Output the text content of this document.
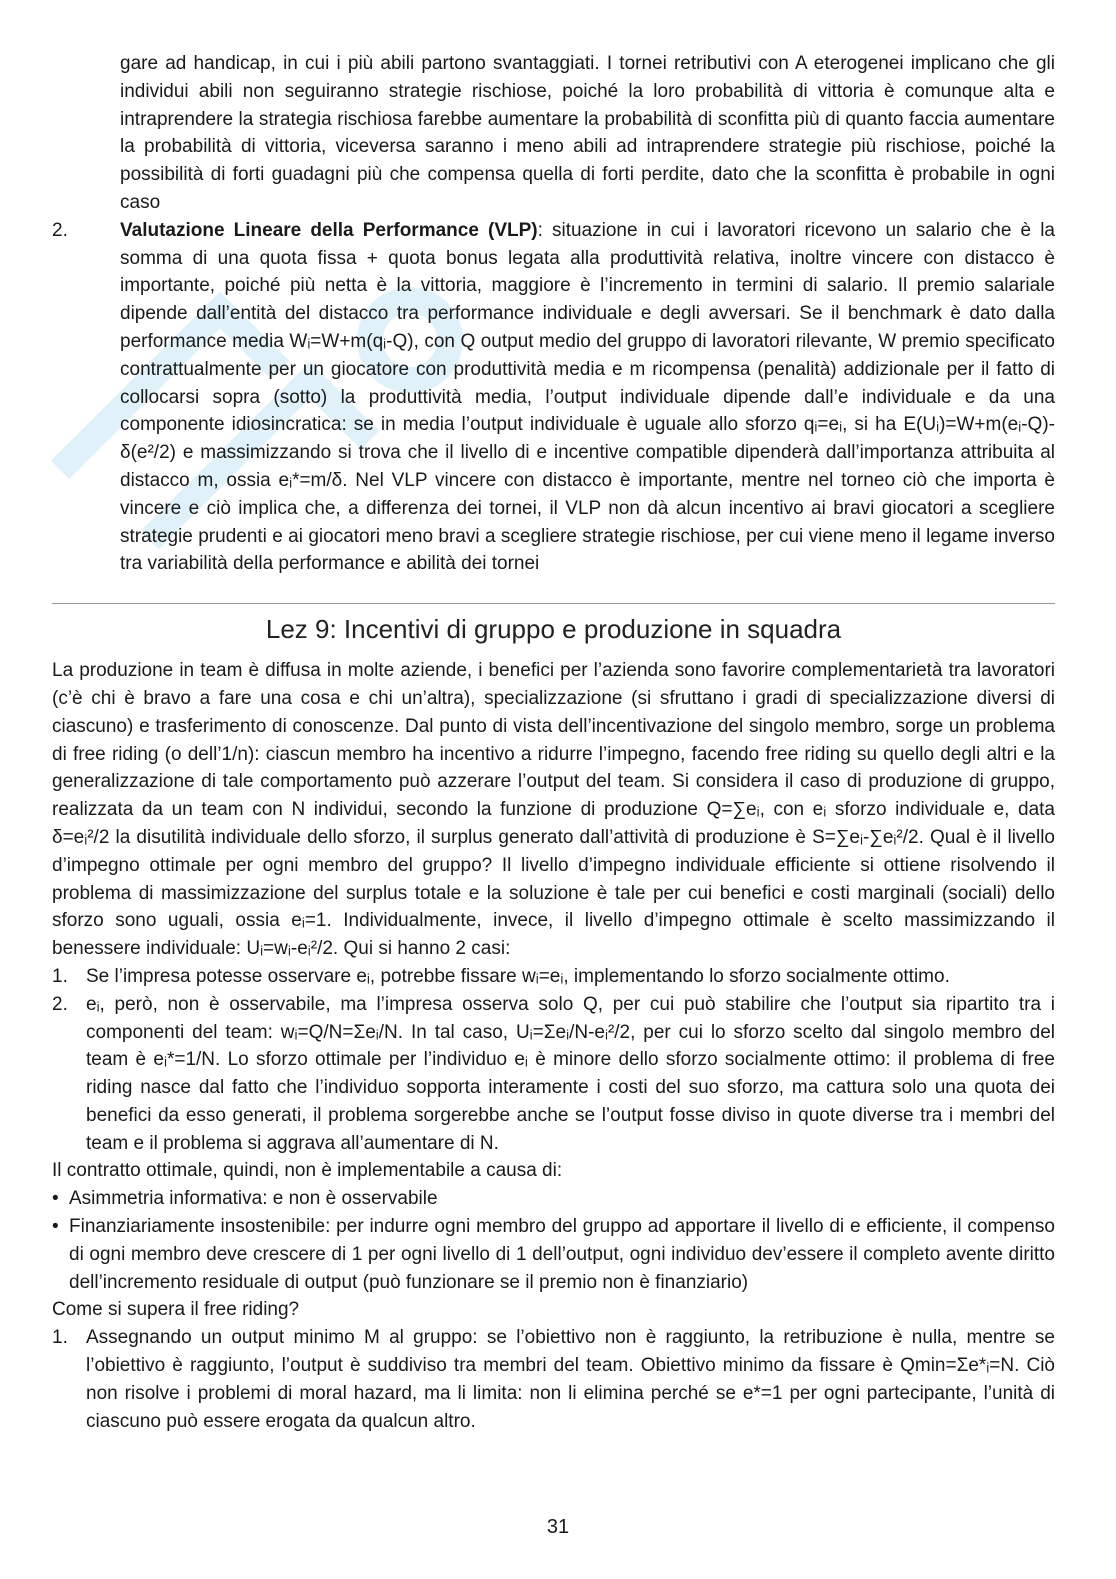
gare ad handicap, in cui i più abili partono svantaggiati. I tornei retributivi con A eterogenei implicano che gli individui abili non seguiranno strategie rischiose, poiché la loro probabilità di vittoria è comunque alta e intraprendere la strategia rischiosa farebbe aumentare la probabilità di sconfitta più di quanto faccia aumentare la probabilità di vittoria, viceversa saranno i meno abili ad intraprendere strategie più rischiose, poiché la possibilità di forti guadagni più che compensa quella di forti perdite, dato che la sconfitta è probabile in ogni caso

2.	Valutazione Lineare della Performance (VLP): situazione in cui i lavoratori ricevono un salario che è la somma di una quota fissa + quota bonus legata alla produttività relativa, inoltre vincere con distacco è importante, poiché più netta è la vittoria, maggiore è l’incremento in termini di salario. Il premio salariale dipende dall’entità del distacco tra performance individuale e degli avversari. Se il benchmark è dato dalla performance media Wᵢ=W+m(qᵢ-Q), con Q output medio del gruppo di lavoratori rilevante, W premio specificato contrattualmente per un giocatore con produttività media e m ricompensa (penalità) addizionale per il fatto di collocarsi sopra (sotto) la produttività media, l’output individuale dipende dall’e individuale e da una componente idiosincratica: se in media l’output individuale è uguale allo sforzo qᵢ=eᵢ, si ha E(Uᵢ)=W+m(eᵢ-Q)-δ(e²/2) e massimizzando si trova che il livello di e incentive compatible dipenderà dall’importanza attribuita al distacco m, ossia eᵢ*=m/δ. Nel VLP vincere con distacco è importante, mentre nel torneo ciò che importa è vincere e ciò implica che, a differenza dei tornei, il VLP non dà alcun incentivo ai bravi giocatori a scegliere strategie prudenti e ai giocatori meno bravi a scegliere strategie rischiose, per cui viene meno il legame inverso tra variabilità della performance e abilità dei tornei
Lez 9: Incentivi di gruppo e produzione in squadra

La produzione in team è diffusa in molte aziende, i benefici per l’azienda sono favorire complementarietà tra lavoratori (c’è chi è bravo a fare una cosa e chi un’altra), specializzazione (si sfruttano i gradi di specializzazione diversi di ciascuno) e trasferimento di conoscenze. Dal punto di vista dell’incentivazione del singolo membro, sorge un problema di free riding (o dell’1/n): ciascun membro ha incentivo a ridurre l’impegno, facendo free riding su quello degli altri e la generalizzazione di tale comportamento può azzerare l’output del team. Si considera il caso di produzione di gruppo, realizzata da un team con N individui, secondo la funzione di produzione Q=∑eᵢ, con eᵢ sforzo individuale e, data δ=eᵢ²/2 la disutilità individuale dello sforzo, il surplus generato dall’attività di produzione è S=∑eᵢ-∑eᵢ²/2. Qual è il livello d’impegno ottimale per ogni membro del gruppo? Il livello d’impegno individuale efficiente si ottiene risolvendo il problema di massimizzazione del surplus totale e la soluzione è tale per cui benefici e costi marginali (sociali) dello sforzo sono uguali, ossia eᵢ=1. Individualmente, invece, il livello d’impegno ottimale è scelto massimizzando il benessere individuale: Uᵢ=wᵢ-eᵢ²/2. Qui si hanno 2 casi:

1. Se l’impresa potesse osservare eᵢ, potrebbe fissare wᵢ=eᵢ, implementando lo sforzo socialmente ottimo.
2. eᵢ, però, non è osservabile, ma l’impresa osserva solo Q, per cui può stabilire che l’output sia ripartito tra i componenti del team: wᵢ=Q/N=Σeᵢ/N. In tal caso, Uᵢ=Σeᵢ/N-eᵢ²/2, per cui lo sforzo scelto dal singolo membro del team è eᵢ*=1/N. Lo sforzo ottimale per l’individuo eᵢ è minore dello sforzo socialmente ottimo: il problema di free riding nasce dal fatto che l’individuo sopporta interamente i costi del suo sforzo, ma cattura solo una quota dei benefici da esso generati, il problema sorgerebbe anche se l’output fosse diviso in quote diverse tra i membri del team e il problema si aggrava all’aumentare di N.

Il contratto ottimale, quindi, non è implementabile a causa di:

• Asimmetria informativa: e non è osservabile
• Finanziariamente insostenibile: per indurre ogni membro del gruppo ad apportare il livello di e efficiente, il compenso di ogni membro deve crescere di 1 per ogni livello di 1 dell’output, ogni individuo dev’essere il completo avente diritto dell’incremento residuale di output (può funzionare se il premio non è finanziario)

Come si supera il free riding?

1. Assegnando un output minimo M al gruppo: se l’obiettivo non è raggiunto, la retribuzione è nulla, mentre se l’obiettivo è raggiunto, l’output è suddiviso tra membri del team. Obiettivo minimo da fissare è Qmin=Σe*ᵢ=N. Ciò non risolve i problemi di moral hazard, ma li limita: non li elimina perché se e*=1 per ogni partecipante, l’unità di ciascuno può essere erogata da qualcun altro.
31
